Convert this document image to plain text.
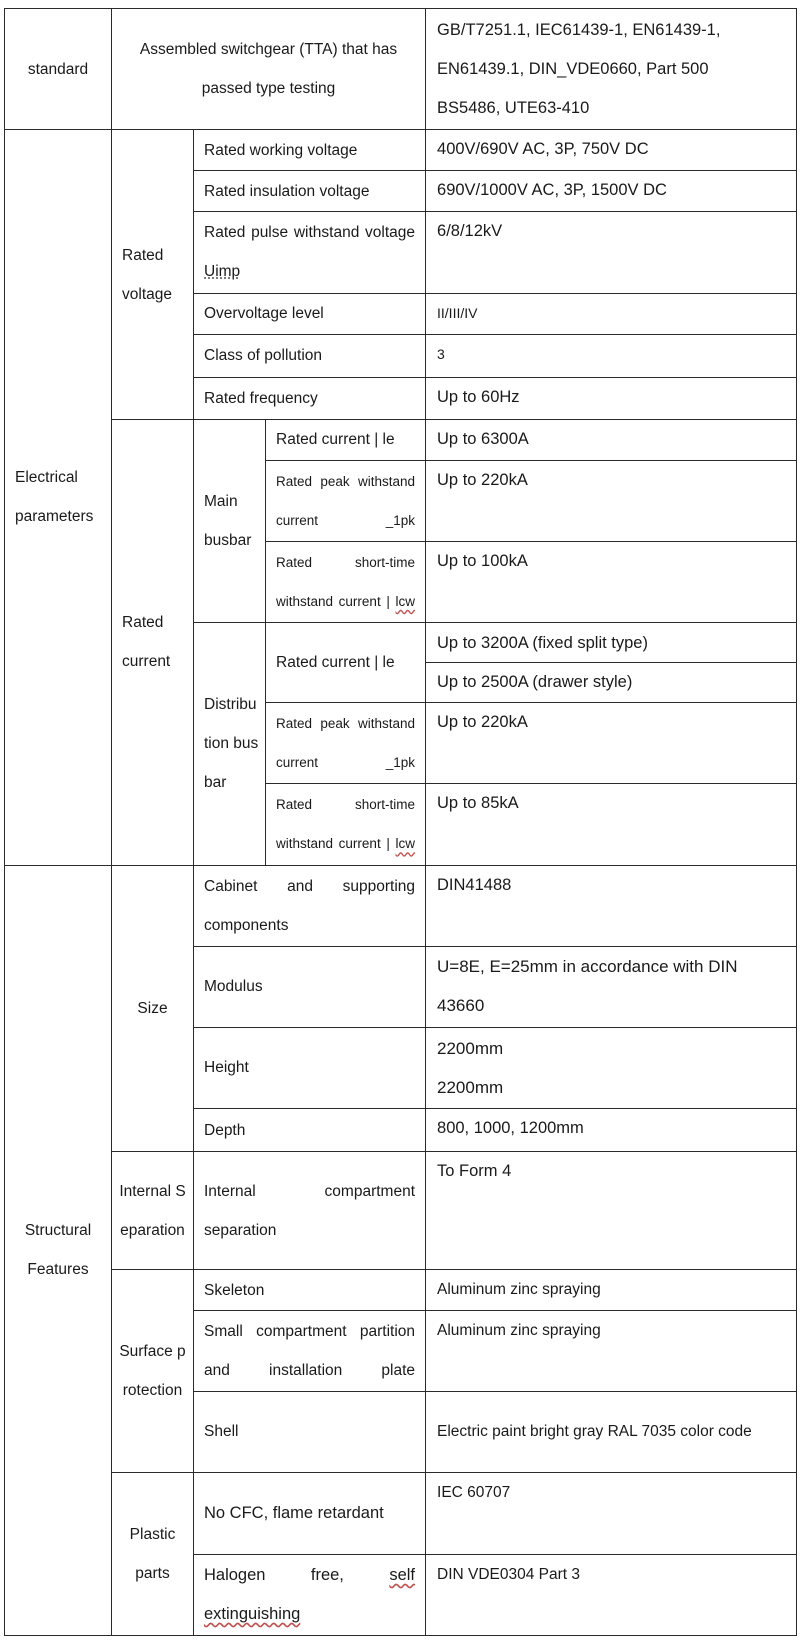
standard	Assembled switchgear (TTA) that has passed type testing			GB/T7251.1, IEC61439-1, EN61439-1,
EN61439.1, DIN_VDE0660, Part 500
BS5486, UTE63-410

Electrical parameters	Rated voltage	Rated working voltage		400V/690V AC, 3P, 750V DC
		Rated insulation voltage		690V/1000V AC, 3P, 1500V DC
		Rated pulse withstand voltage Uimp		6/8/12kV
		Overvoltage level		II/III/IV
		Class of pollution		3
		Rated frequency		Up to 60Hz
	Rated current	Main busbar	Rated current | le	Up to 6300A
			Rated peak withstand current _1pk	Up to 220kA
			Rated short-time withstand current | lcw	Up to 100kA
		Distribution busbar	Rated current | le	Up to 3200A (fixed split type)
Up to 2500A (drawer style)

			Rated peak withstand current _1pk	Up to 220kA
			Rated short-time withstand current | lcw	Up to 85kA
Structural Features	Size	Cabinet and supporting components		DIN41488
		Modulus		U=8E, E=25mm in accordance with DIN 43660
		Height		2200mm
2200mm

		Depth		800, 1000, 1200mm
	Internal Separation	Internal compartment separation		To Form 4
	Surface protection	Skeleton		Aluminum zinc spraying
		Small compartment partition and installation plate		Aluminum zinc spraying
		Shell		Electric paint bright gray RAL 7035 color code
	Plastic parts	No CFC, flame retardant		IEC 60707
		Halogen free, self extinguishing		DIN VDE0304 Part 3
